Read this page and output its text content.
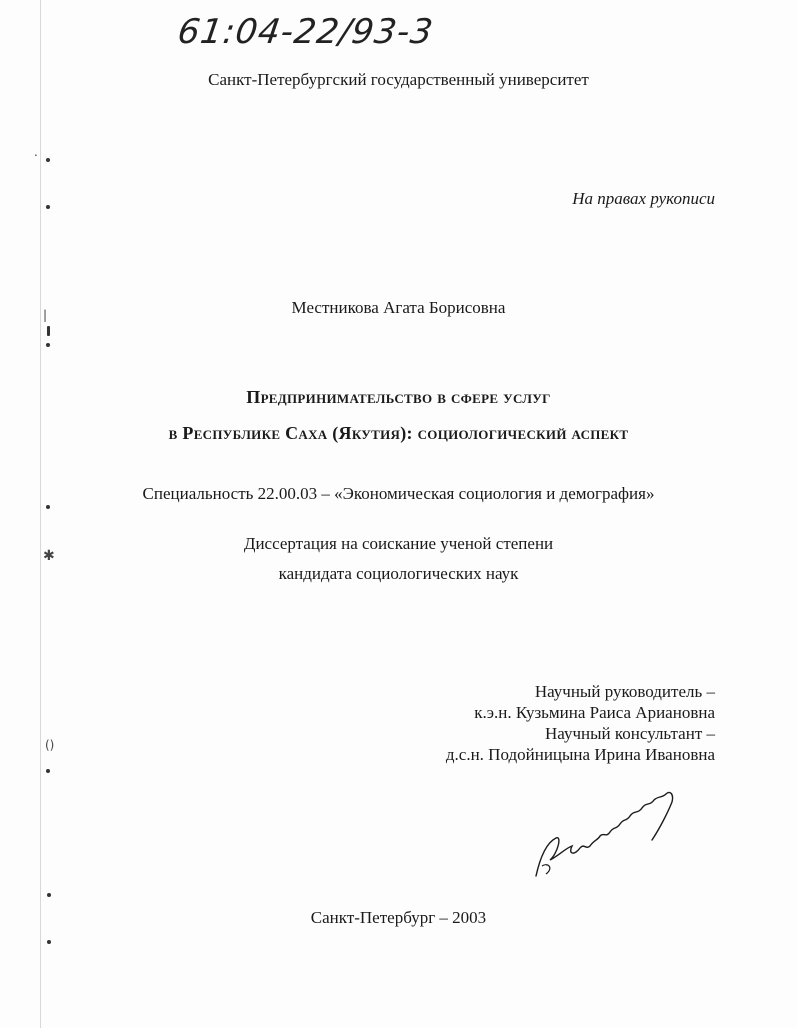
.
|
✱
()
61:04-22/93-3
Санкт-Петербургский государственный университет
На правах рукописи
Местникова Агата Борисовна
Предпринимательство в сфере услуг
в Республике Саха (Якутия): социологический аспект
Специальность 22.00.03 – «Экономическая социология и демография»
Диссертация на соискание ученой степени
кандидата социологических наук
Научный руководитель –
к.э.н. Кузьмина Раиса Ариановна
Научный консультант –
д.с.н. Подойницына Ирина Ивановна
Санкт-Петербург – 2003
